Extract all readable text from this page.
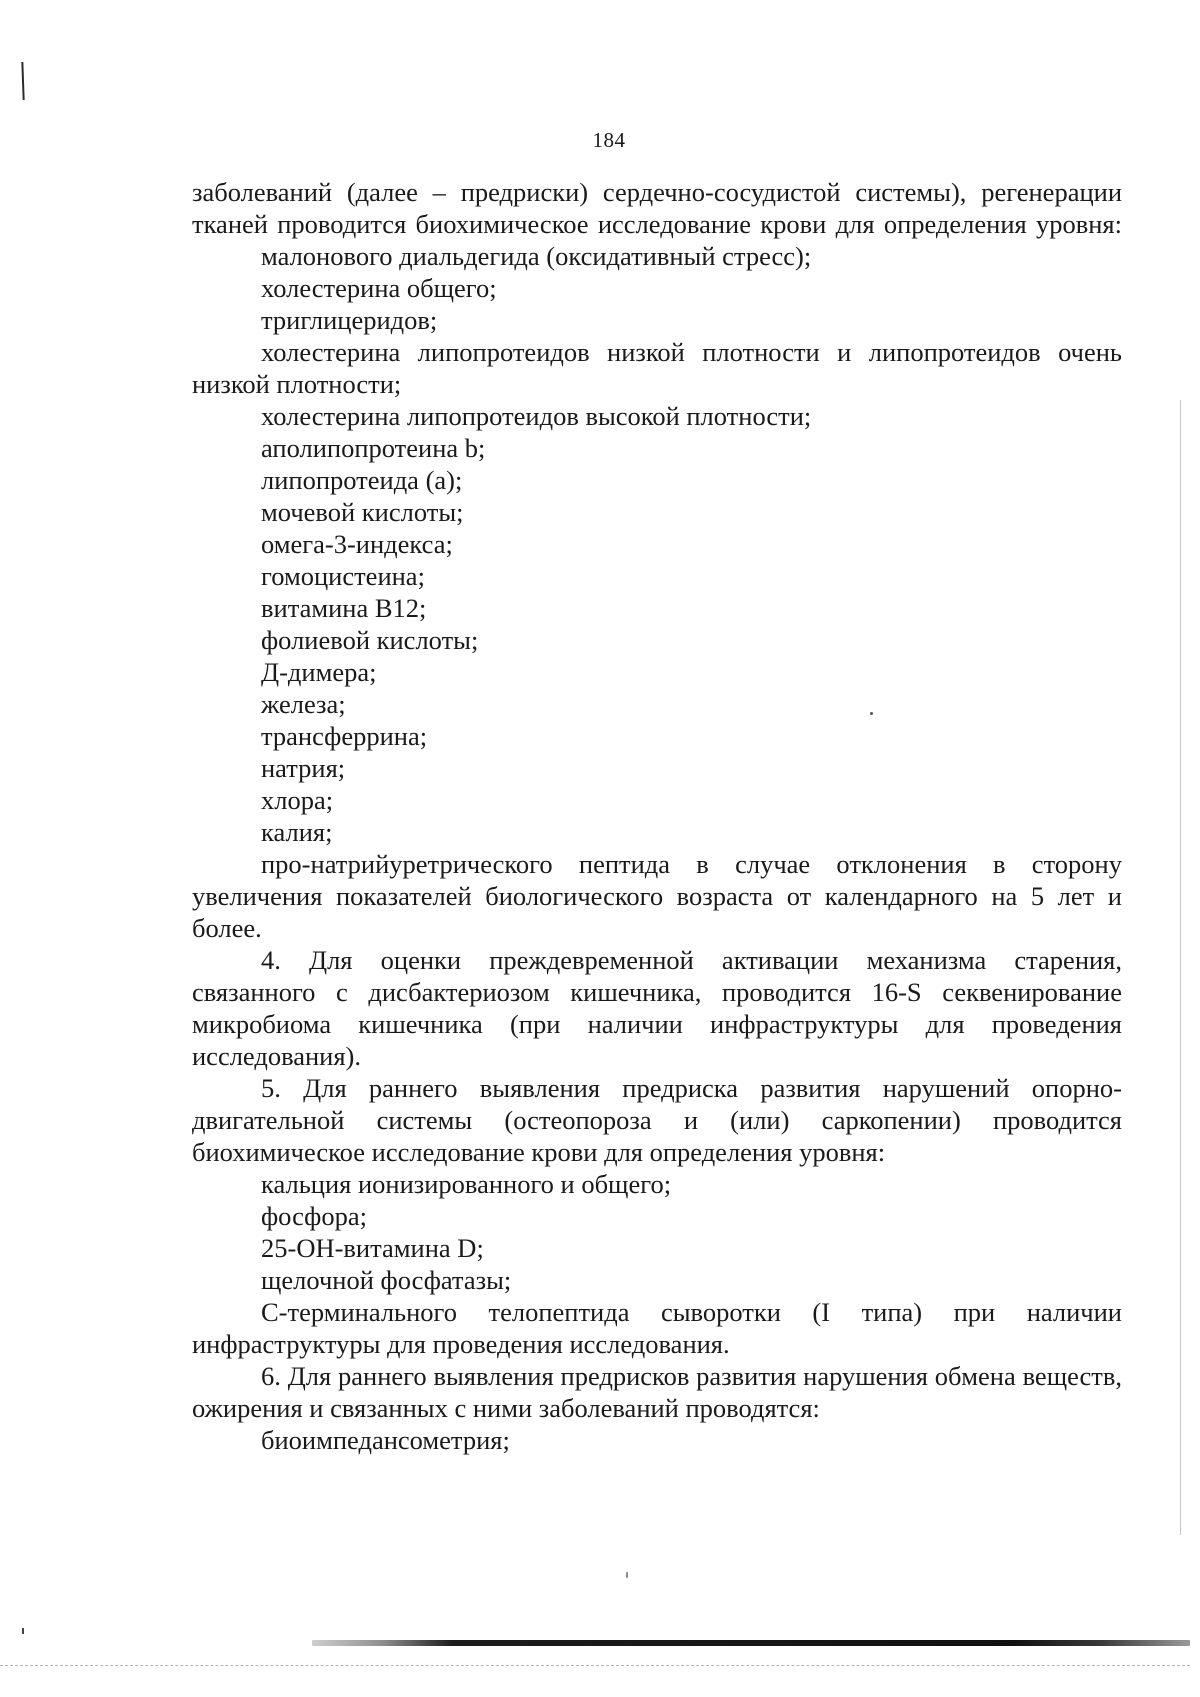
184

заболеваний (далее – предриски) сердечно-сосудистой системы), регенерации тканей проводится биохимическое исследование крови для определения уровня:

малонового диальдегида (оксидативный стресс);

холестерина общего;

триглицеридов;

холестерина липопротеидов низкой плотности и липопротеидов очень низкой плотности;

холестерина липопротеидов высокой плотности;

аполипопротеина b;

липопротеида (а);

мочевой кислоты;

омега-3-индекса;

гомоцистеина;

витамина В12;

фолиевой кислоты;

Д-димера;

железа;

трансферрина;

натрия;

хлора;

калия;

про-натрийуретрического пептида в случае отклонения в сторону увеличения показателей биологического возраста от календарного на 5 лет и более.

4. Для оценки преждевременной активации механизма старения, связанного с дисбактериозом кишечника, проводится 16-S секвенирование микробиома кишечника (при наличии инфраструктуры для проведения исследования).

5. Для раннего выявления предриска развития нарушений опорно-двигательной системы (остеопороза и (или) саркопении) проводится биохимическое исследование крови для определения уровня:

кальция ионизированного и общего;

фосфора;

25-ОН-витамина D;

щелочной фосфатазы;

С-терминального телопептида сыворотки (I типа) при наличии инфраструктуры для проведения исследования.

6. Для раннего выявления предрисков развития нарушения обмена веществ, ожирения и связанных с ними заболеваний проводятся:

биоимпедансометрия;
